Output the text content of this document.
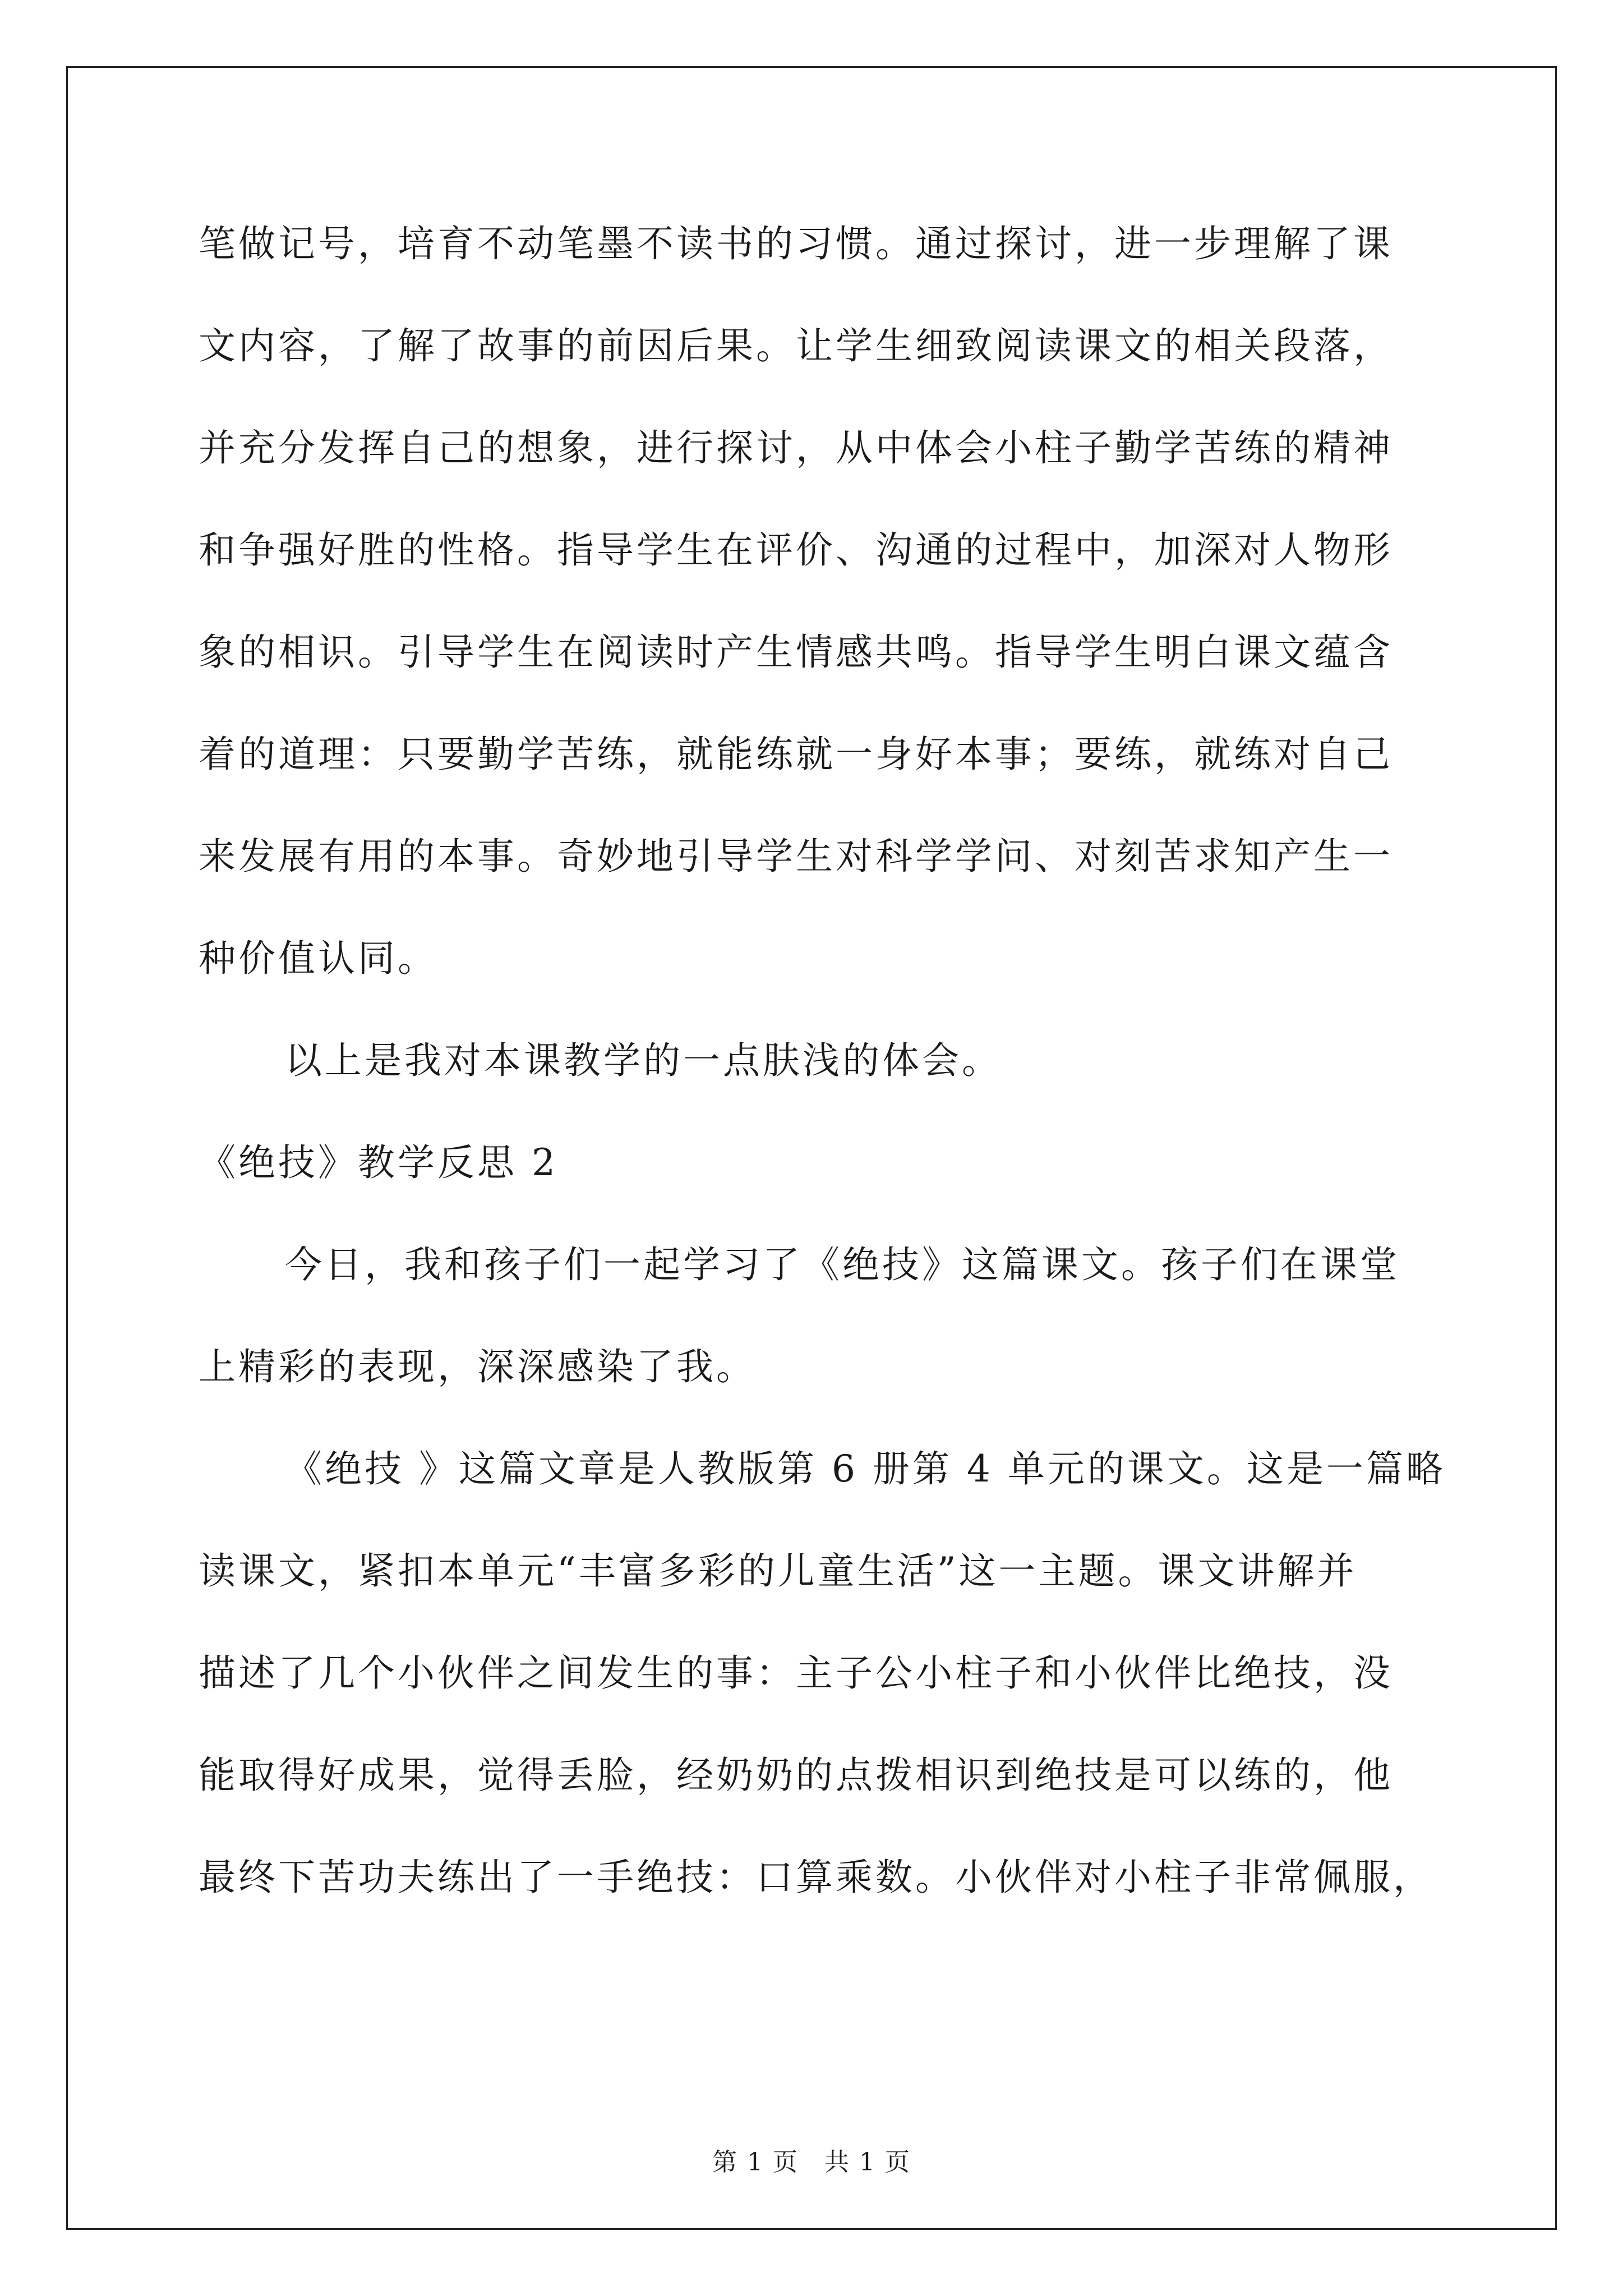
笔做记号，培育不动笔墨不读书的习惯。通过探讨，进一步理解了课
文内容，了解了故事的前因后果。让学生细致阅读课文的相关段落，
并充分发挥自己的想象，进行探讨，从中体会小柱子勤学苦练的精神
和争强好胜的性格。指导学生在评价、沟通的过程中，加深对人物形
象的相识。引导学生在阅读时产生情感共鸣。指导学生明白课文蕴含
着的道理：只要勤学苦练，就能练就一身好本事；要练，就练对自己
来发展有用的本事。奇妙地引导学生对科学学问、对刻苦求知产生一
种价值认同。
以上是我对本课教学的一点肤浅的体会。
《绝技》教学反思 2
今日，我和孩子们一起学习了《绝技》这篇课文。孩子们在课堂
上精彩的表现，深深感染了我。
《绝技 》这篇文章是人教版第 6 册第 4 单元的课文。这是一篇略
读课文，紧扣本单元“丰富多彩的儿童生活”这一主题。课文讲解并
描述了几个小伙伴之间发生的事：主子公小柱子和小伙伴比绝技，没
能取得好成果，觉得丢脸，经奶奶的点拨相识到绝技是可以练的，他
最终下苦功夫练出了一手绝技：口算乘数。小伙伴对小柱子非常佩服，
第 1 页　共 1 页
